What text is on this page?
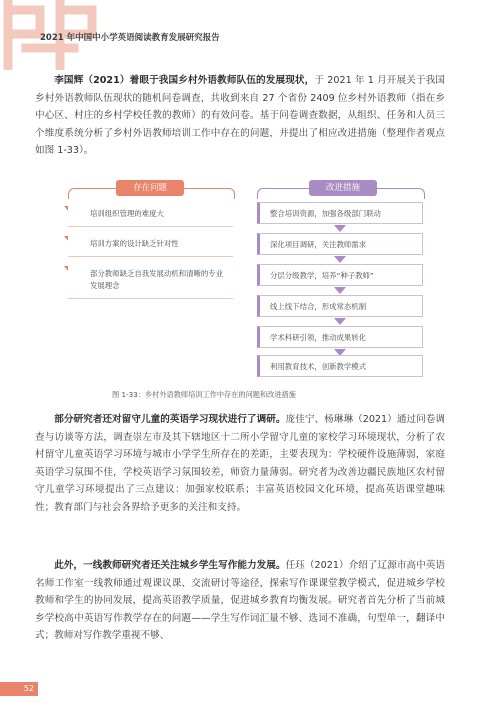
2021 年中国中小学英语阅读教育发展研究报告

李国辉（2021）着眼于我国乡村外语教师队伍的发展现状，于 2021 年 1 月开展关于我国乡村外语教师队伍现状的随机问卷调查，共收到来自 27 个省份 2409 位乡村外语教师（指在乡中心区、村庄的乡村学校任教的教师）的有效问卷。基于问卷调查数据，从组织、任务和人员三个维度系统分析了乡村外语教师培训工作中存在的问题，并提出了相应改进措施（整理作者观点如图 1-33）。

存在问题
培训组织管理的难度大
培训方案的设计缺乏针对性
部分教师缺乏自我发展动机和清晰的专业发展理念
改进措施
整合培训资源，加强各级部门联动
深化项目调研，关注教师需求
分层分级教学，培养“种子教师”
线上线下结合，形成常态机制
学术科研引领，推动成果转化
利用教育技术，创新教学模式
图 1-33：乡村外语教师培训工作中存在的问题和改进措施

部分研究者还对留守儿童的英语学习现状进行了调研。庞佳宁、杨琳琳（2021）通过问卷调查与访谈等方法，调查崇左市及其下辖地区十二所小学留守儿童的家校学习环境现状，分析了农村留守儿童英语学习环境与城市小学学生所存在的差距，主要表现为：学校硬件设施薄弱，家庭英语学习氛围不佳，学校英语学习氛围较差，师资力量薄弱。研究者为改善边疆民族地区农村留守儿童学习环境提出了三点建议：加强家校联系；丰富英语校园文化环境，提高英语课堂趣味性；教育部门与社会各界给予更多的关注和支持。

此外，一线教师研究者还关注城乡学生写作能力发展。任珏（2021）介绍了辽源市高中英语名师工作室一线教师通过观课议课、交流研讨等途径，探索写作课课堂教学模式，促进城乡学校教师和学生的协同发展，提高英语教学质量，促进城乡教育均衡发展。研究者首先分析了当前城乡学校高中英语写作教学存在的问题——学生写作词汇量不够、选词不准确，句型单一，翻译中式；教师对写作教学重视不够、

52
